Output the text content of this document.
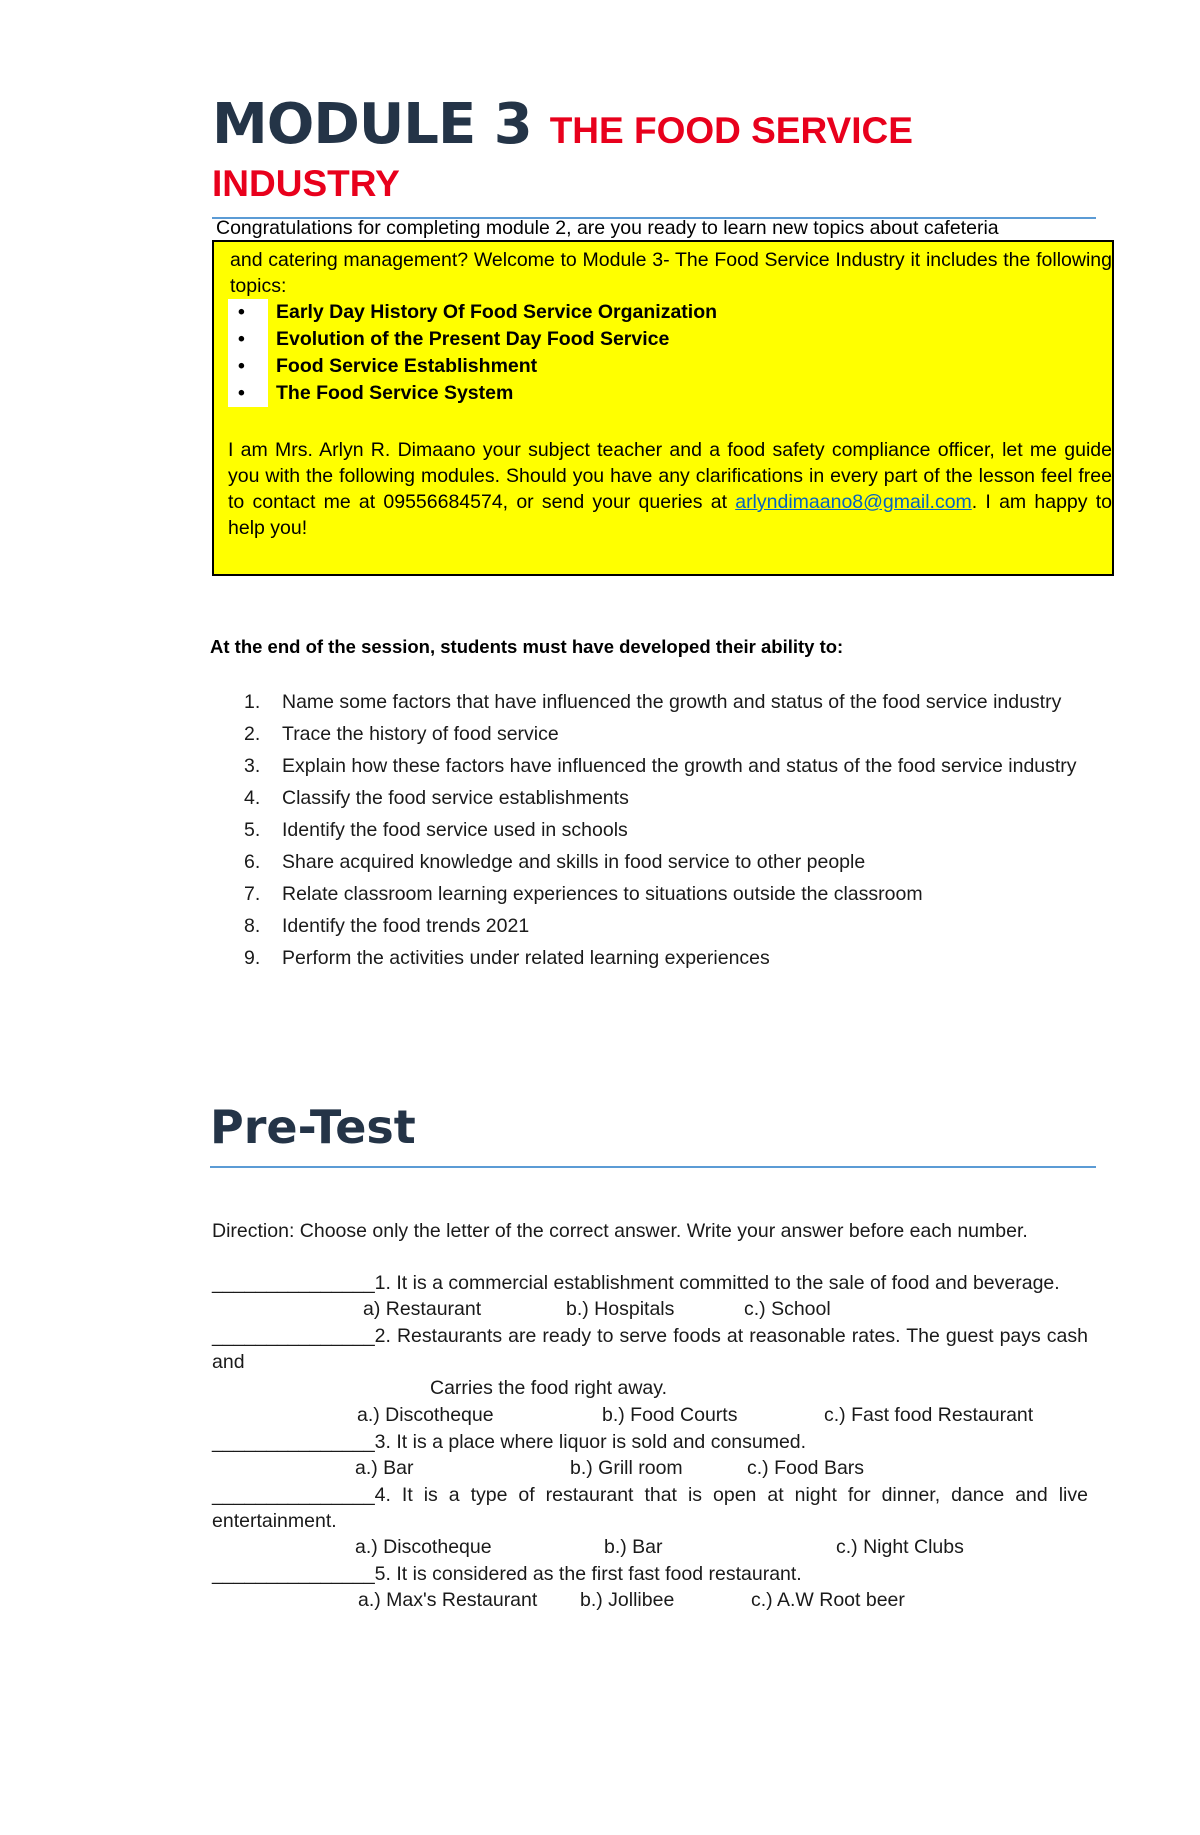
MODULE 3 THE FOOD SERVICE
INDUSTRY
Congratulations for completing module 2, are you ready to learn new topics about cafeteria
and catering management? Welcome to Module 3- The Food Service Industry it includes the following topics:
• Early Day History Of Food Service Organization
• Evolution of the Present Day Food Service
• Food Service Establishment
• The Food Service System
I am Mrs. Arlyn R. Dimaano your subject teacher and a food safety compliance officer, let me guide you with the following modules. Should you have any clarifications in every part of the lesson feel free to contact me at 09556684574, or send your queries at arlyndimaano8@gmail.com. I am happy to help you!
At the end of the session, students must have developed their ability to:
1. Name some factors that have influenced the growth and status of the food service industry
2. Trace the history of food service
3. Explain how these factors have influenced the growth and status of the food service industry
4. Classify the food service establishments
5. Identify the food service used in schools
6. Share acquired knowledge and skills in food service to other people
7. Relate classroom learning experiences to situations outside the classroom
8. Identify the food trends 2021
9. Perform the activities under related learning experiences
Pre-Test
Direction: Choose only the letter of the correct answer. Write your answer before each number.
_______________1. It is a commercial establishment committed to the sale of food and beverage.
a) Restaurant	b.) Hospitals	c.) School
_______________2. Restaurants are ready to serve foods at reasonable rates. The guest pays cash and
Carries the food right away.
a.) Discotheque	b.) Food Courts	c.) Fast food Restaurant
_______________3. It is a place where liquor is sold and consumed.
a.) Bar	b.) Grill room	c.) Food Bars
_______________4. It is a type of restaurant that is open at night for dinner, dance and live entertainment.
a.) Discotheque	b.) Bar	c.) Night Clubs
_______________5. It is considered as the first fast food restaurant.
a.) Max's Restaurant b.) Jollibee	c.) A.W Root beer
